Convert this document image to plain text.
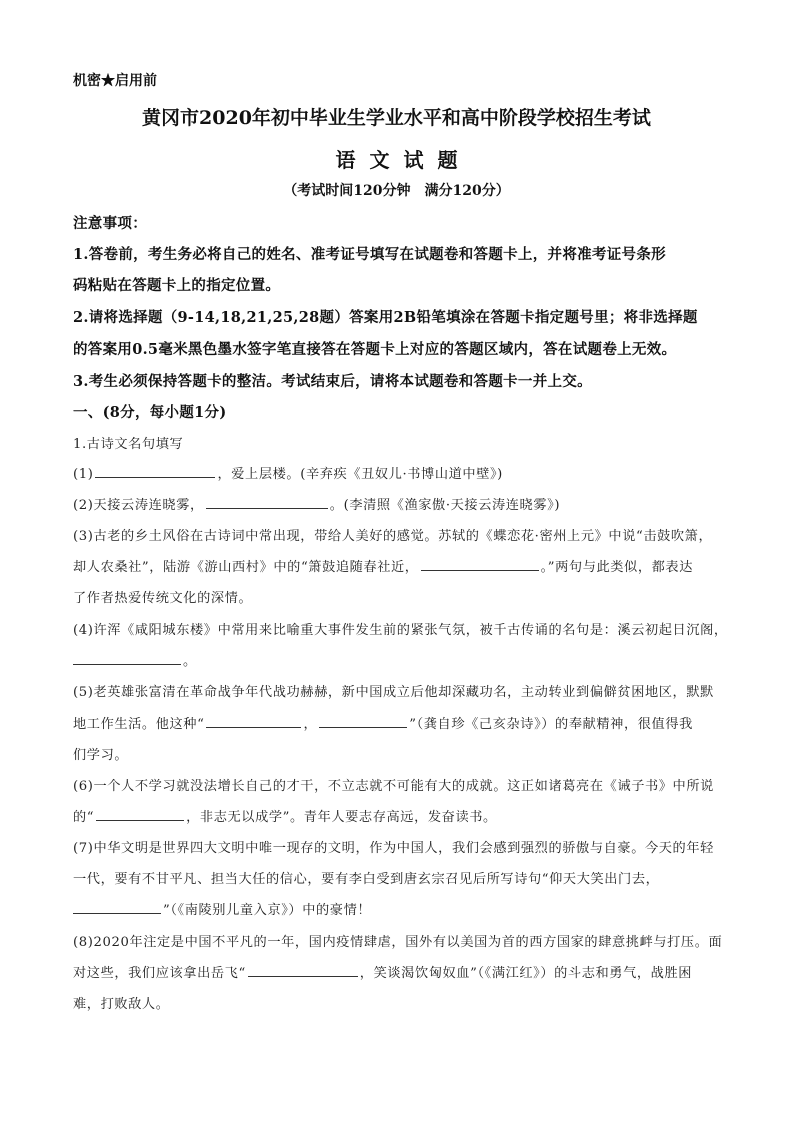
机密★启用前
黄冈市2020年初中毕业生学业水平和高中阶段学校招生考试
语文试题
（考试时间120分钟　满分120分）
注意事项：
1.答卷前，考生务必将自己的姓名、准考证号填写在试题卷和答题卡上，并将准考证号条形
码粘贴在答题卡上的指定位置。
2.请将选择题（9-14,18,21,25,28题）答案用2B铅笔填涂在答题卡指定题号里；将非选择题
的答案用0.5毫米黑色墨水签字笔直接答在答题卡上对应的答题区域内，答在试题卷上无效。
3.考生必须保持答题卡的整洁。考试结束后，请将本试题卷和答题卡一并上交。
一、(8分，每小题1分)
1.古诗文名句填写
(1)	，爱上层楼。(辛弃疾《丑奴儿·书博山道中壁》)
(2)天接云涛连晓雾，	。(李清照《渔家傲·天接云涛连晓雾》)
(3)古老的乡土风俗在古诗词中常出现，带给人美好的感觉。苏轼的《蝶恋花·密州上元》中说“击鼓吹箫，
却人农桑社”，陆游《游山西村》中的“箫鼓追随春社近，	。”两句与此类似，都表达
了作者热爱传统文化的深情。
(4)许浑《咸阳城东楼》中常用来比喻重大事件发生前的紧张气氛，被千古传诵的名句是：溪云初起日沉阁，
。
(5)老英雄张富清在革命战争年代战功赫赫，新中国成立后他却深藏功名，主动转业到偏僻贫困地区，默默
地工作生活。他这种“	，	”（龚自珍《己亥杂诗》）的奉献精神，很值得我
们学习。
(6)一个人不学习就没法增长自己的才干，不立志就不可能有大的成就。这正如诸葛亮在《诫子书》中所说
的“	，非志无以成学”。青年人要志存高远，发奋读书。
(7)中华文明是世界四大文明中唯一现存的文明，作为中国人，我们会感到强烈的骄傲与自豪。今天的年轻
一代，要有不甘平凡、担当大任的信心，要有李白受到唐玄宗召见后所写诗句“仰天大笑出门去，
”（《南陵别儿童入京》）中的豪情！
(8)2020年注定是中国不平凡的一年，国内疫情肆虐，国外有以美国为首的西方国家的肆意挑衅与打压。面
对这些，我们应该拿出岳飞“	，笑谈渴饮匈奴血”（《满江红》）的斗志和勇气，战胜困
难，打败敌人。
